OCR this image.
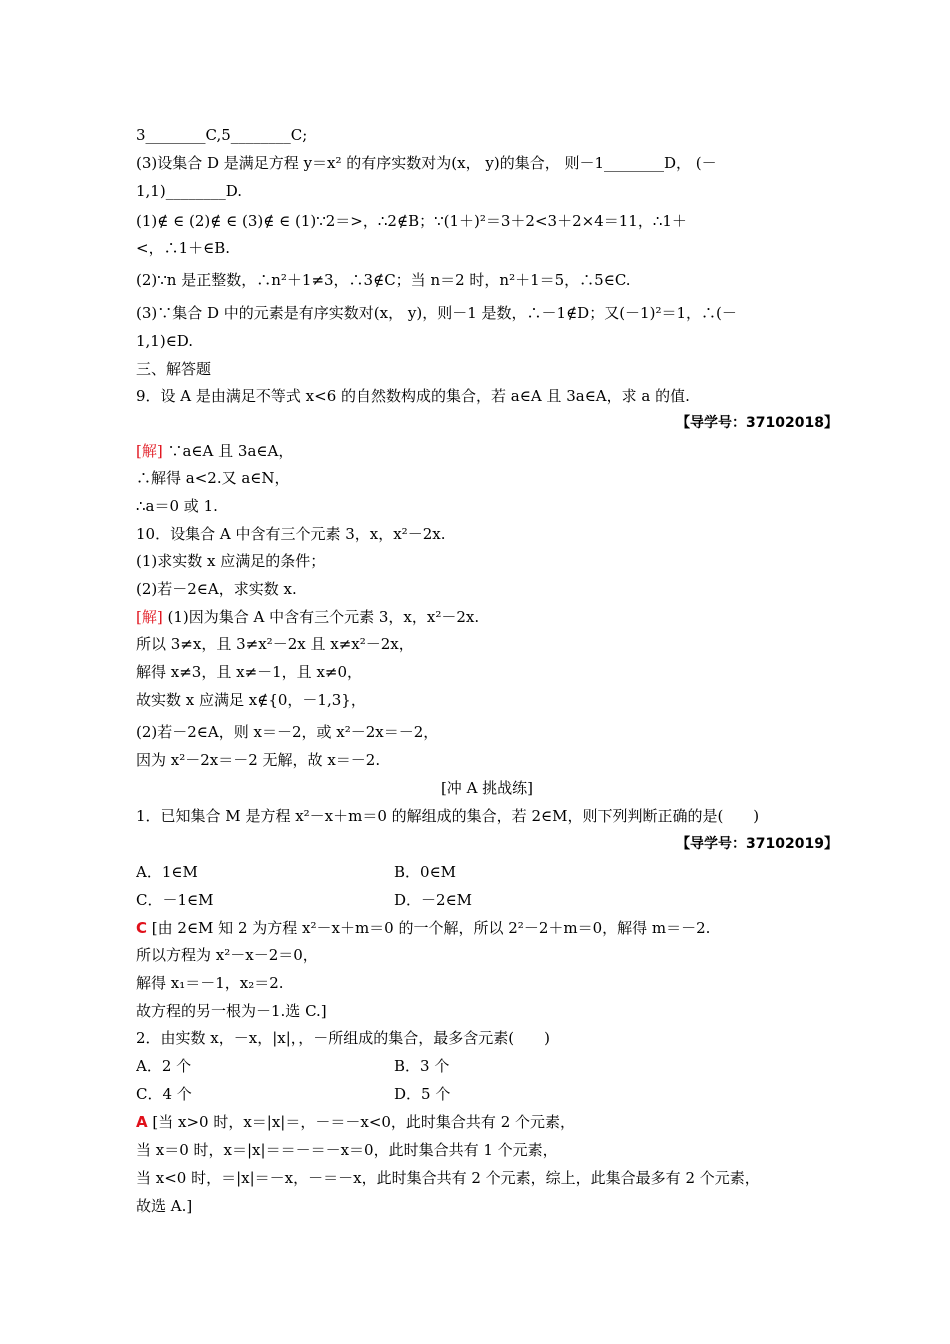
3________C,5________C;
(3)设集合 D 是满足方程 y＝x² 的有序实数对为(x， y)的集合， 则－1________D， (－
1,1)________D.
(1)∉ ∈ (2)∉ ∈ (3)∉ ∈ (1)∵2＝>，∴2∉B；∵(1＋)²＝3＋2<3＋2×4＝11，∴1＋
<，∴1＋∈B.
(2)∵n 是正整数，∴n²＋1≠3，∴3∉C；当 n＝2 时，n²＋1＝5，∴5∈C.
(3)∵集合 D 中的元素是有序实数对(x， y)，则－1 是数，∴－1∉D；又(－1)²＝1，∴(－
1,1)∈D.
三、解答题
9．设 A 是由满足不等式 x<6 的自然数构成的集合，若 a∈A 且 3a∈A，求 a 的值.
【导学号：37102018】
[解] ∵a∈A 且 3a∈A，
∴解得 a<2.又 a∈N，
∴a＝0 或 1.
10．设集合 A 中含有三个元素 3，x，x²－2x.
(1)求实数 x 应满足的条件；
(2)若－2∈A，求实数 x.
[解] (1)因为集合 A 中含有三个元素 3，x，x²－2x.
所以 3≠x，且 3≠x²－2x 且 x≠x²－2x，
解得 x≠3，且 x≠－1，且 x≠0，
故实数 x 应满足 x∉{0，－1,3}，
(2)若－2∈A，则 x＝－2，或 x²－2x＝－2，
因为 x²－2x＝－2 无解，故 x＝－2.
[冲 A 挑战练]
1．已知集合 M 是方程 x²－x＋m＝0 的解组成的集合，若 2∈M，则下列判断正确的是(　　)
【导学号：37102019】
A．1∈M	B．0∈M
C．－1∈M	D．－2∈M
C [由 2∈M 知 2 为方程 x²－x＋m＝0 的一个解，所以 2²－2＋m＝0，解得 m＝－2.
所以方程为 x²－x－2＝0，
解得 x₁＝－1，x₂＝2.
故方程的另一根为－1.选 C.]
2．由实数 x，－x，|x|，，－所组成的集合，最多含元素(　　)
A．2 个	B．3 个
C．4 个	D．5 个
A [当 x>0 时，x＝|x|＝，－＝－x<0，此时集合共有 2 个元素，
当 x＝0 时，x＝|x|＝＝－＝－x＝0，此时集合共有 1 个元素，
当 x<0 时，＝|x|＝－x，－＝－x，此时集合共有 2 个元素，综上，此集合最多有 2 个元素，
故选 A.]
